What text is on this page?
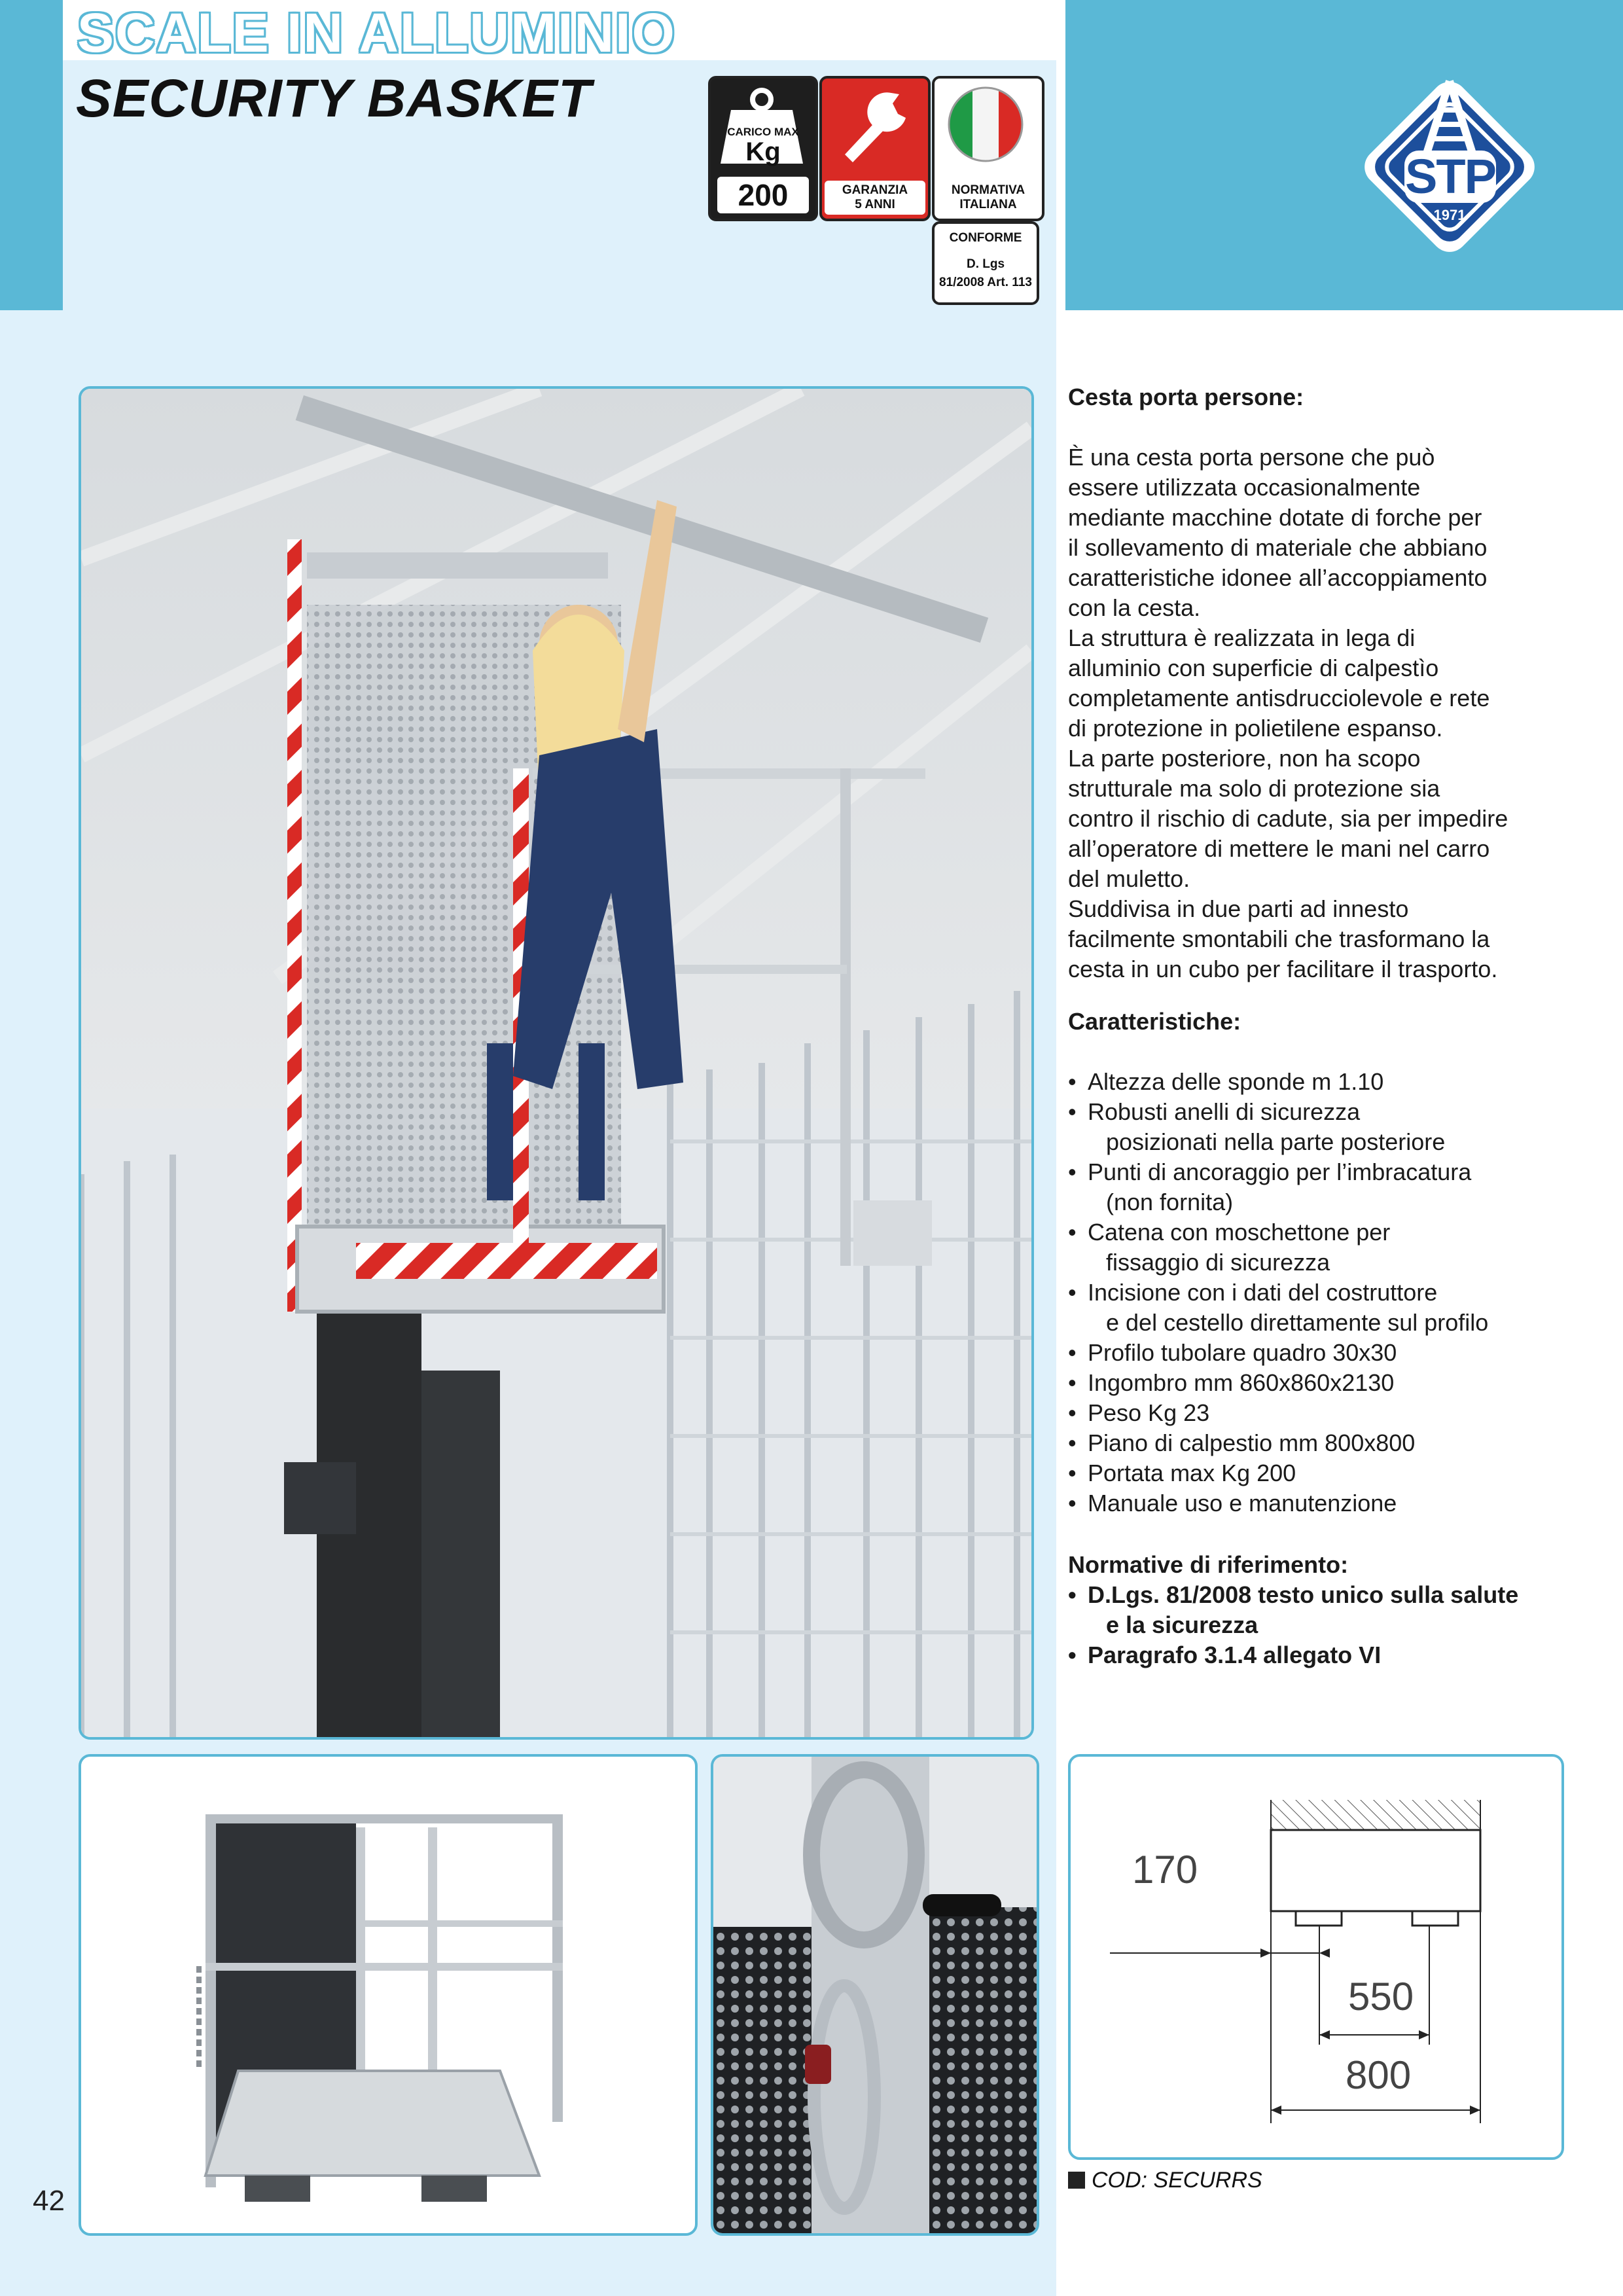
SCALE IN ALLUMINIO
SECURITY BASKET
CARICO MAX
Kg
200	GARANZIA
5 ANNI
NORMATIVA
ITALIANA
CONFORME
D. Lgs
81/2008 Art. 113
1971
STP
170
550
800
Cesta porta persone:
È una cesta porta persone che può
essere utilizzata occasionalmente
mediante macchine dotate di forche per
il sollevamento di materiale che abbiano
caratteristiche idonee all’accoppiamento
con la cesta.
La struttura è realizzata in lega di
alluminio con superficie di calpestìo
completamente antisdrucciolevole e rete
di protezione in polietilene espanso.
La parte posteriore, non ha scopo
strutturale ma solo di protezione sia
contro il rischio di cadute, sia per impedire
all’operatore di mettere le mani nel carro
del muletto.
Suddivisa in due parti ad innesto
facilmente smontabili che trasformano la
cesta in un cubo per facilitare il trasporto.
Caratteristiche:
• Altezza delle sponde m 1.10
• Robusti anelli di sicurezza
posizionati nella parte posteriore
• Punti di ancoraggio per l’imbracatura
(non fornita)
• Catena con moschettone per
fissaggio di sicurezza
• Incisione con i dati del costruttore
e del cestello direttamente sul profilo
• Profilo tubolare quadro 30x30
• Ingombro mm 860x860x2130
• Peso Kg 23
• Piano di calpestio mm 800x800
• Portata max Kg 200
• Manuale uso e manutenzione
Normative di riferimento:
• D.Lgs. 81/2008 testo unico sulla salute
e la sicurezza
• Paragrafo 3.1.4 allegato VI
COD: SECURRS
42
